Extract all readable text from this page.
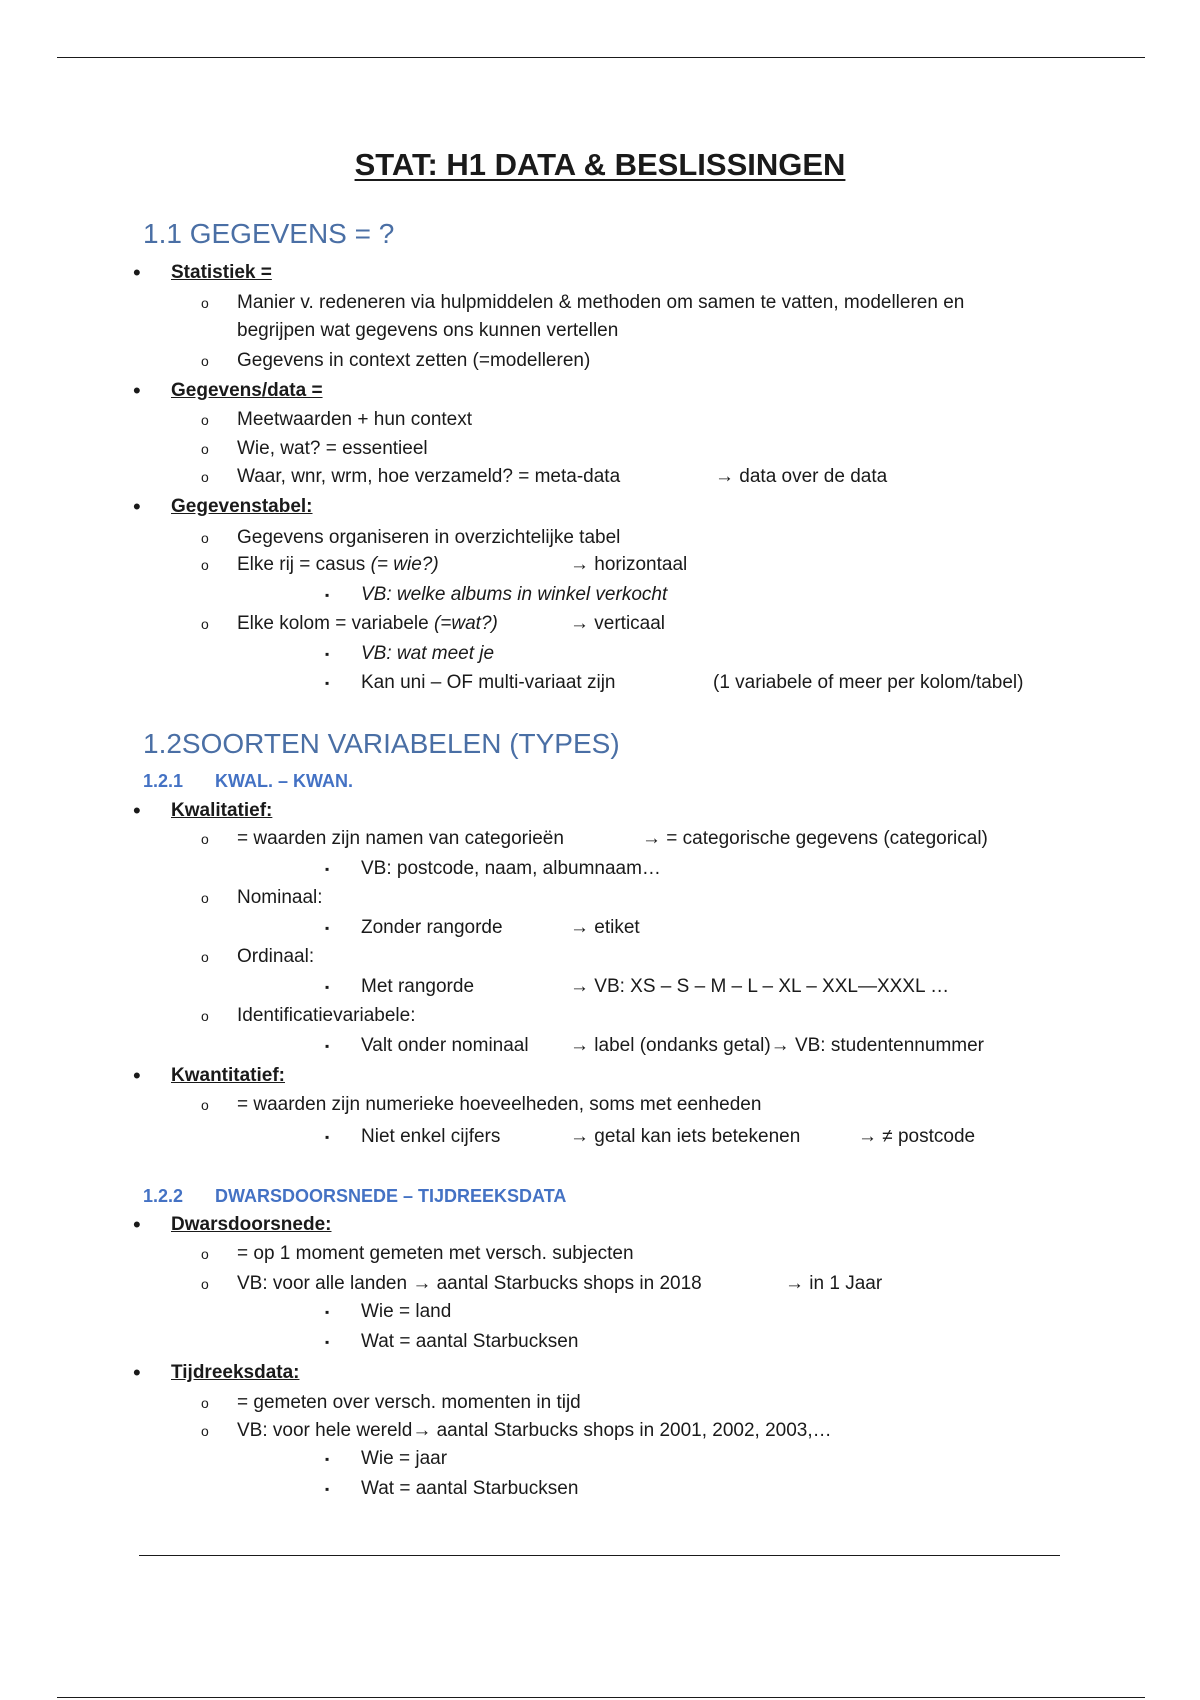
STAT: H1 DATA & BESLISSINGEN
1.1 GEGEVENS = ?
• Statistiek =
o Manier v. redeneren via hulpmiddelen & methoden om samen te vatten, modelleren en
begrijpen wat gegevens ons kunnen vertellen
o Gegevens in context zetten (=modelleren)
• Gegevens/data =
o Meetwaarden + hun context
o Wie, wat? = essentieel
o Waar, wnr, wrm, hoe verzameld? = meta-data	→ data over de data
• Gegevenstabel:
o Gegevens organiseren in overzichtelijke tabel
o Elke rij = casus (= wie?)	→ horizontaal
▪ VB: welke albums in winkel verkocht
o Elke kolom = variabele (=wat?)	→ verticaal
▪ VB: wat meet je
▪ Kan uni – OF multi-variaat zijn	(1 variabele of meer per kolom/tabel)
1.2SOORTEN VARIABELEN (TYPES)
1.2.1 KWAL. – KWAN.
• Kwalitatief:
o = waarden zijn namen van categorieën	→ = categorische gegevens (categorical)
▪ VB: postcode, naam, albumnaam…
o Nominaal:
▪ Zonder rangorde	→ etiket
o Ordinaal:
▪ Met rangorde	→ VB: XS – S – M – L – XL – XXL—XXXL …
o Identificatievariabele:
▪ Valt onder nominaal → label (ondanks getal)→ VB: studentennummer
• Kwantitatief:
o = waarden zijn numerieke hoeveelheden, soms met eenheden
▪ Niet enkel cijfers	→ getal kan iets betekenen	→ ≠ postcode
1.2.2 DWARSDOORSNEDE – TIJDREEKSDATA
• Dwarsdoorsnede:
o = op 1 moment gemeten met versch. subjecten
o VB: voor alle landen → aantal Starbucks shops in 2018	→ in 1 Jaar
▪ Wie = land
▪ Wat = aantal Starbucksen
• Tijdreeksdata:
o = gemeten over versch. momenten in tijd
o VB: voor hele wereld→ aantal Starbucks shops in 2001, 2002, 2003,…
▪ Wie = jaar
▪ Wat = aantal Starbucksen
